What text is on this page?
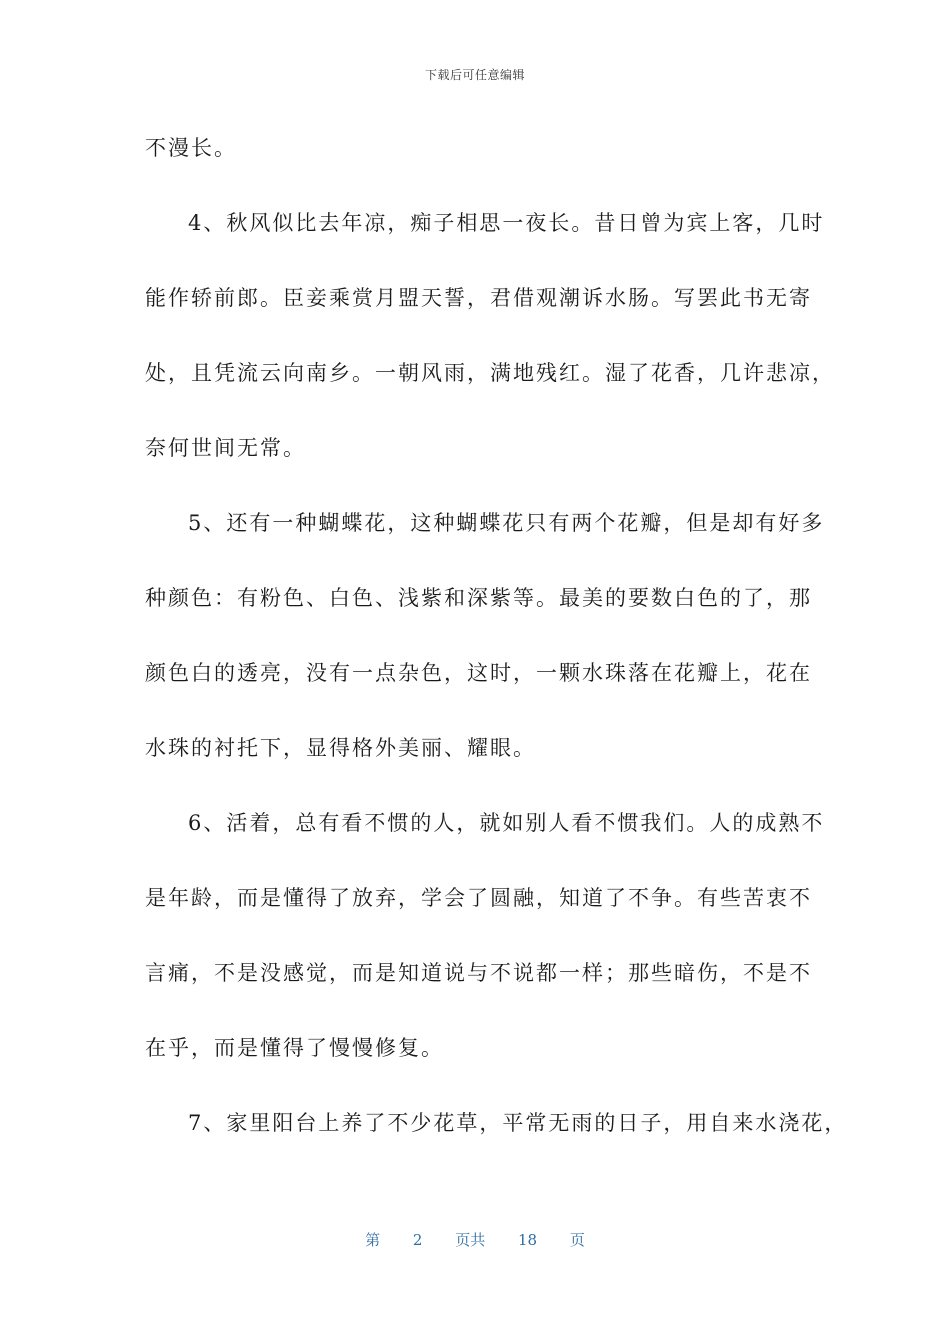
下载后可任意编辑
不漫长。
4、秋风似比去年凉，痴子相思一夜长。昔日曾为宾上客，几时
能作轿前郎。臣妾乘赏月盟天誓，君借观潮诉水肠。写罢此书无寄
处，且凭流云向南乡。一朝风雨，满地残红。湿了花香，几许悲凉，
奈何世间无常。
5、还有一种蝴蝶花，这种蝴蝶花只有两个花瓣，但是却有好多
种颜色：有粉色、白色、浅紫和深紫等。最美的要数白色的了，那
颜色白的透亮，没有一点杂色，这时，一颗水珠落在花瓣上，花在
水珠的衬托下，显得格外美丽、耀眼。
6、活着，总有看不惯的人，就如别人看不惯我们。人的成熟不
是年龄，而是懂得了放弃，学会了圆融，知道了不争。有些苦衷不
言痛，不是没感觉，而是知道说与不说都一样；那些暗伤，不是不
在乎，而是懂得了慢慢修复。
7、家里阳台上养了不少花草，平常无雨的日子，用自来水浇花，
第 2 页共 18 页
